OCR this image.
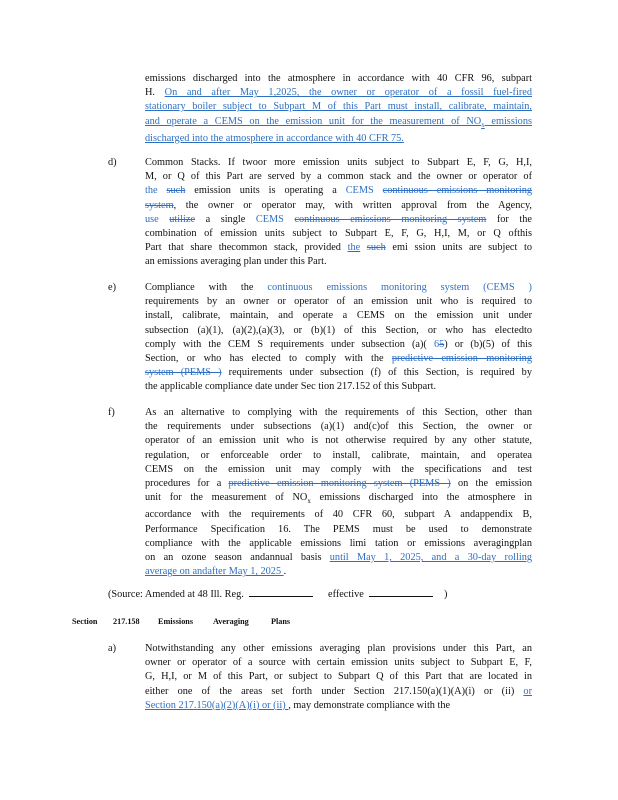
emissions discharged into the atmosphere in accordance with 40 CFR 96, subpart
H. On and after May 1,2025, the owner or operator of a fossil fuel-fired
stationary boiler subject to Subpart M of this Part must install, calibrate, maintain,
and operate a CEMS on the emission unit for the measurement of $NO_x$ emissions
discharged into the atmosphere in accordance with 40 CFR 75.
d)	Common Stacks. If twoor more emission units subject to Subpart E, F, G, H,I,
M, or Q of this Part are served by a common stack and the owner or operator of
the such emission units is operating a CEMS continuous emissions monitoring
system, the owner or operator may, with written approval from the Agency,
use utilize a single CEMS continuous emissions monitoring system for the
combination of emission units subject to Subpart E, F, G, H,I, M, or Q ofthis
Part that share thecommon stack, provided the such emi ssion units are subject to
an emissions averaging plan under this Part.
e)	Compliance with the continuous emissions monitoring system (CEMS )
requirements by an owner or operator of an emission unit who is required to
install, calibrate, maintain, and operate a CEMS on the emission unit under
subsection (a)(1), (a)(2),(a)(3), or (b)(1) of this Section, or who has electedto
comply with the CEM S requirements under subsection (a)( 65) or (b)(5) of this
Section, or who has elected to comply with the predictive emission monitoring
system (PEMS ) requirements under subsection (f) of this Section, is required by
the applicable compliance date under Sec tion 217.152 of this Subpart.
f)	As an alternative to complying with the requirements of this Section, other than
the requirements under subsections (a)(1) and(c)of this Section, the owner or
operator of an emission unit who is not otherwise required by any other statute,
regulation, or enforceable order to install, calibrate, maintain, and operatea
CEMS on the emission unit may comply with the specifications and test
procedures for a predictive emission monitoring system (PEMS ) on the emission
unit for the measurement of $NO_x$ emissions discharged into the atmosphere in
accordance with the requirements of 40 CFR 60, subpart A andappendix B,
Performance Specification 16. The PEMS must be used to demonstrate
compliance with the applicable emissions limi tation or emissions averagingplan
on an ozone season andannual basis until May 1, 2025, and a 30-day rolling
average on andafter May 1, 2025 .
(Source: Amended at 48 Ill. Reg.	effective	)
Section 217.158 Emissions Averaging	Plans
a)	Notwithstanding any other emissions averaging plan provisions under this Part, an
owner or operator of a source with certain emission units subject to Subpart E, F,
G, H,I, or M of this Part, or subject to Subpart Q of this Part that are located in
either one of the areas set forth under Section 217.150(a)(1)(A)(i) or (ii) or
Section 217.150(a)(2)(A)(i) or (ii) , may demonstrate compliance with the
